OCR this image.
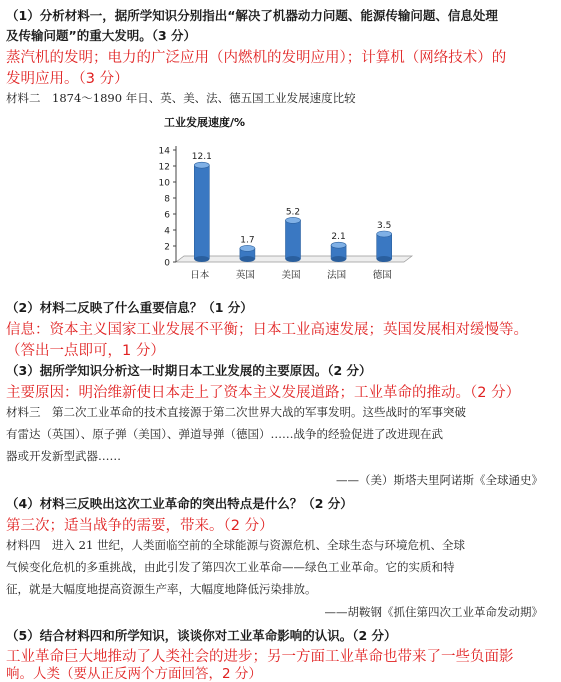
（1）分析材料一，据所学知识分别指出“解决了机器动力问题、能源传输问题、信息处理
及传输问题”的重大发明。（3 分）
蒸汽机的发明；电力的广泛应用（内燃机的发明应用）；计算机（网络技术）的
发明应用。（3 分）
材料二　1874～1890 年日、英、美、法、德五国工业发展速度比较
工业发展速度/%
0
2
4
6
8
10
12
14
12.1
日本
1.7
英国
5.2
美国
2.1
法国
3.5
德国
（2）材料二反映了什么重要信息？（1 分）
信息：资本主义国家工业发展不平衡；日本工业高速发展；英国发展相对缓慢等。
（答出一点即可，1 分）
（3）据所学知识分析这一时期日本工业发展的主要原因。（2 分）
主要原因：明治维新使日本走上了资本主义发展道路；工业革命的推动。（2 分）
材料三　第二次工业革命的技术直接源于第二次世界大战的军事发明。这些战时的军事突破
有雷达（英国）、原子弹（美国）、弹道导弹（德国）……战争的经验促进了改进现在武
器或开发新型武器……
——（美）斯塔夫里阿诺斯《全球通史》
（4）材料三反映出这次工业革命的突出特点是什么？（2 分）
第三次；适当战争的需要，带来。（2 分）
材料四　进入 21 世纪，人类面临空前的全球能源与资源危机、全球生态与环境危机、全球
气候变化危机的多重挑战，由此引发了第四次工业革命——绿色工业革命。它的实质和特
征，就是大幅度地提高资源生产率，大幅度地降低污染排放。
——胡鞍钢《抓住第四次工业革命发动期》
（5）结合材料四和所学知识，谈谈你对工业革命影响的认识。（2 分）
工业革命巨大地推动了人类社会的进步；另一方面工业革命也带来了一些负面影
响。人类（要从正反两个方面回答，2 分）
